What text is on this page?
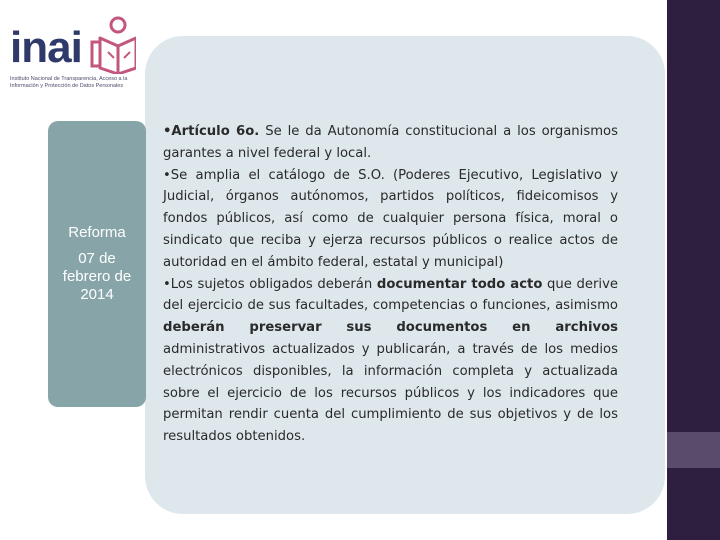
inai
Instituto Nacional de Transparencia, Acceso a la Información y Protección de Datos Personales
Reforma
07 de
febrero de
2014

•Artículo 6o. Se le da Autonomía constitucional a los organismos garantes a nivel federal y local.

•Se amplia el catálogo de S.O. (Poderes Ejecutivo, Legislativo y Judicial, órganos autónomos, partidos políticos, fideicomisos y fondos públicos, así como de cualquier persona física, moral o sindicato que reciba y ejerza recursos públicos o realice actos de autoridad en el ámbito federal, estatal y municipal)

•Los sujetos obligados deberán documentar todo acto que derive del ejercicio de sus facultades, competencias o funciones, asimismo deberán preservar sus documentos en archivos administrativos actualizados y publicarán, a través de los medios electrónicos disponibles, la información completa y actualizada sobre el ejercicio de los recursos públicos y los indicadores que permitan rendir cuenta del cumplimiento de sus objetivos y de los resultados obtenidos.
